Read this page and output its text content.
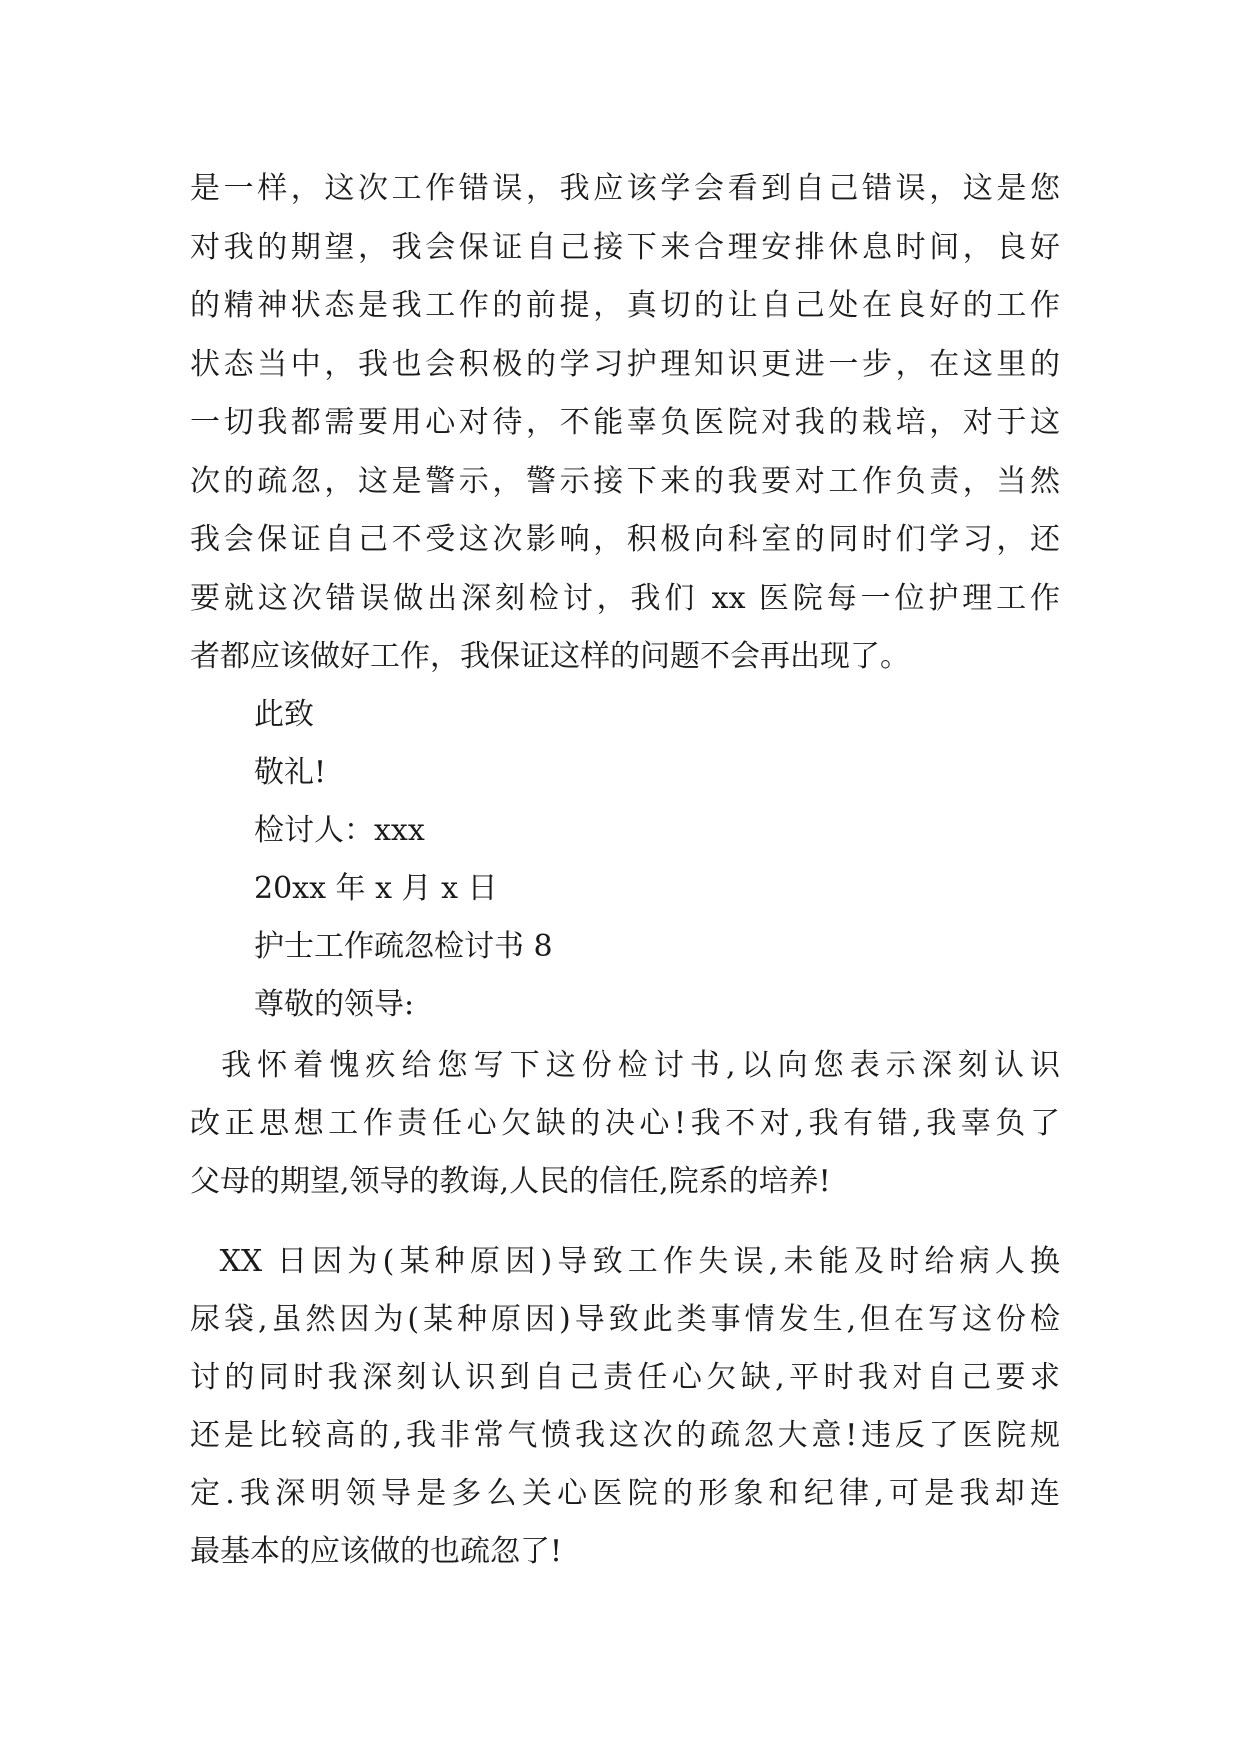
是一样，这次工作错误，我应该学会看到自己错误，这是您
对我的期望，我会保证自己接下来合理安排休息时间，良好
的精神状态是我工作的前提，真切的让自己处在良好的工作
状态当中，我也会积极的学习护理知识更进一步，在这里的
一切我都需要用心对待，不能辜负医院对我的栽培，对于这
次的疏忽，这是警示，警示接下来的我要对工作负责，当然
我会保证自己不受这次影响，积极向科室的同时们学习，还
要就这次错误做出深刻检讨，我们 xx 医院每一位护理工作
者都应该做好工作，我保证这样的问题不会再出现了。
此致
敬礼!
检讨人：xxx
20xx 年 x 月 x 日
护士工作疏忽检讨书 8
尊敬的领导:
我怀着愧疚给您写下这份检讨书,以向您表示深刻认识
改正思想工作责任心欠缺的决心!我不对,我有错,我辜负了
父母的期望,领导的教诲,人民的信任,院系的培养!
XX 日因为(某种原因)导致工作失误,未能及时给病人换
尿袋,虽然因为(某种原因)导致此类事情发生,但在写这份检
讨的同时我深刻认识到自己责任心欠缺,平时我对自己要求
还是比较高的,我非常气愤我这次的疏忽大意!违反了医院规
定.我深明领导是多么关心医院的形象和纪律,可是我却连
最基本的应该做的也疏忽了!
